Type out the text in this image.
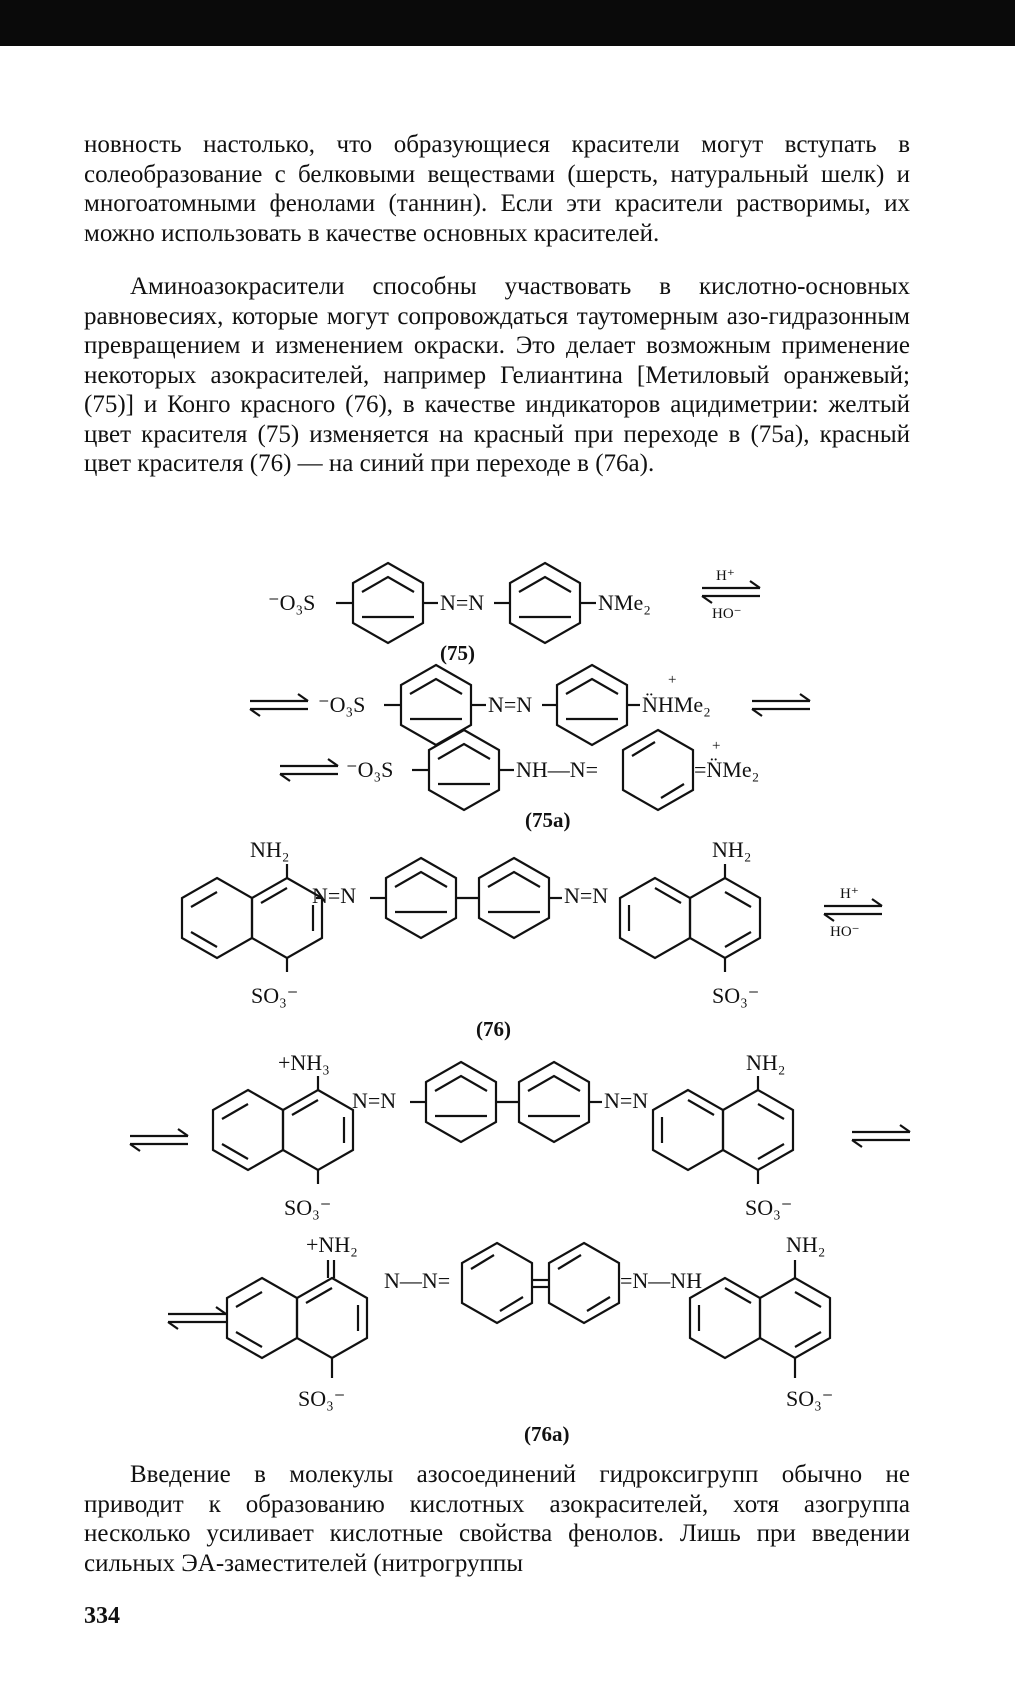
новность настолько, что образующиеся красители могут вступать в солеобразование с белковыми веществами (шерсть, натуральный шелк) и многоатомными фенолами (таннин). Если эти красители растворимы, их можно использовать в качестве основных красителей.

Аминоазокрасители способны участвовать в кислотно-основных равновесиях, которые могут сопровождаться таутомерным азо-гидразонным превращением и изменением окраски. Это делает возможным применение некоторых азокрасителей, например Гелиантина [Метиловый оранжевый; (75)] и Конго красного (76), в качестве индикаторов ацидиметрии: желтый цвет красителя (75) изменяется на красный при переходе в (75а), красный цвет красителя (76) — на синий при переходе в (76а).

⁻O₃S	N=N	NMe₂
H⁺
HO⁻
(75)
⁻O₃S	N=N
+
N̈HMe₂
⁻O₃S	NH—N=
+
=N̈Me₂
(75а)
NH₂
SO₃⁻
N=N	N=N
NH₂
SO₃⁻
H⁺
HO⁻
(76)
+NH₃
SO₃⁻
N=N	N=N
NH₂
SO₃⁻
+NH₂
SO₃⁻
N—N=	=N—NH
NH₂
SO₃⁻
(76а)

Введение в молекулы азосоединений гидроксигрупп обычно не приводит к образованию кислотных азокрасителей, хотя азогруппа несколько усиливает кислотные свойства фенолов. Лишь при введении сильных ЭА-заместителей (нитрогруппы

334
